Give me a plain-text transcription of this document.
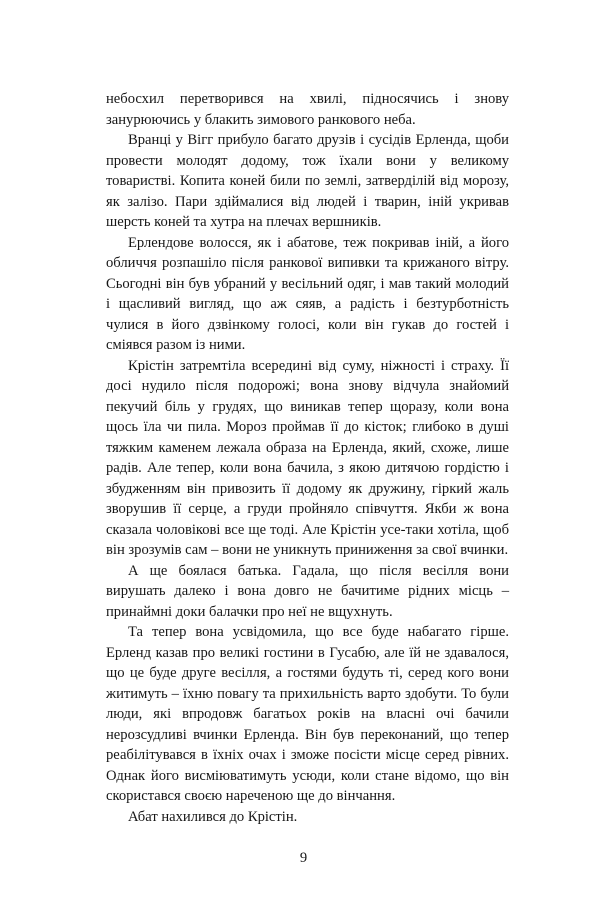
небосхил перетворився на хвилі, підносячись і знову занурюючись у блакить зимового ранкового неба.

Вранці у Вігг прибуло багато друзів і сусідів Ерленда, щоби провести молодят додому, тож їхали вони у великому товаристві. Копита коней били по землі, затверділій від морозу, як залізо. Пари здіймалися від людей і тварин, іній укривав шерсть коней та хутра на плечах вершників.

Ерлендове волосся, як і абатове, теж покривав іній, а його обличчя розпашіло після ранкової випивки та крижаного вітру. Сьогодні він був убраний у весільний одяг, і мав такий молодий і щасливий вигляд, що аж сяяв, а радість і безтурботність чулися в його дзвінкому голосі, коли він гукав до гостей і сміявся разом із ними.

Крістін затремтіла всередині від суму, ніжності і страху. Її досі нудило після подорожі; вона знову відчула знайомий пекучий біль у грудях, що виникав тепер щоразу, коли вона щось їла чи пила. Мороз проймав її до кісток; глибоко в душі тяжким каменем лежала образа на Ерленда, який, схоже, лише радів. Але тепер, коли вона бачила, з якою дитячою гордістю і збудженням він привозить її додому як дружину, гіркий жаль зворушив її серце, а груди пройняло співчуття. Якби ж вона сказала чоловікові все ще тоді. Але Крістін усе-таки хотіла, щоб він зрозумів сам – вони не уникнуть приниження за свої вчинки.

А ще боялася батька. Гадала, що після весілля вони вирушать далеко і вона довго не бачитиме рідних місць – принаймні доки балачки про неї не вщухнуть.

Та тепер вона усвідомила, що все буде набагато гірше. Ерленд казав про великі гостини в Гусабю, але їй не здавалося, що це буде друге весілля, а гостями будуть ті, серед кого вони житимуть – їхню повагу та прихильність варто здобути. То були люди, які впродовж багатьох років на власні очі бачили нерозсудливі вчинки Ерленда. Він був переконаний, що тепер реабілітувався в їхніх очах і зможе посісти місце серед рівних. Однак його висміюватимуть усюди, коли стане відомо, що він скористався своєю нареченою ще до вінчання.

Абат нахилився до Крістін.

9
